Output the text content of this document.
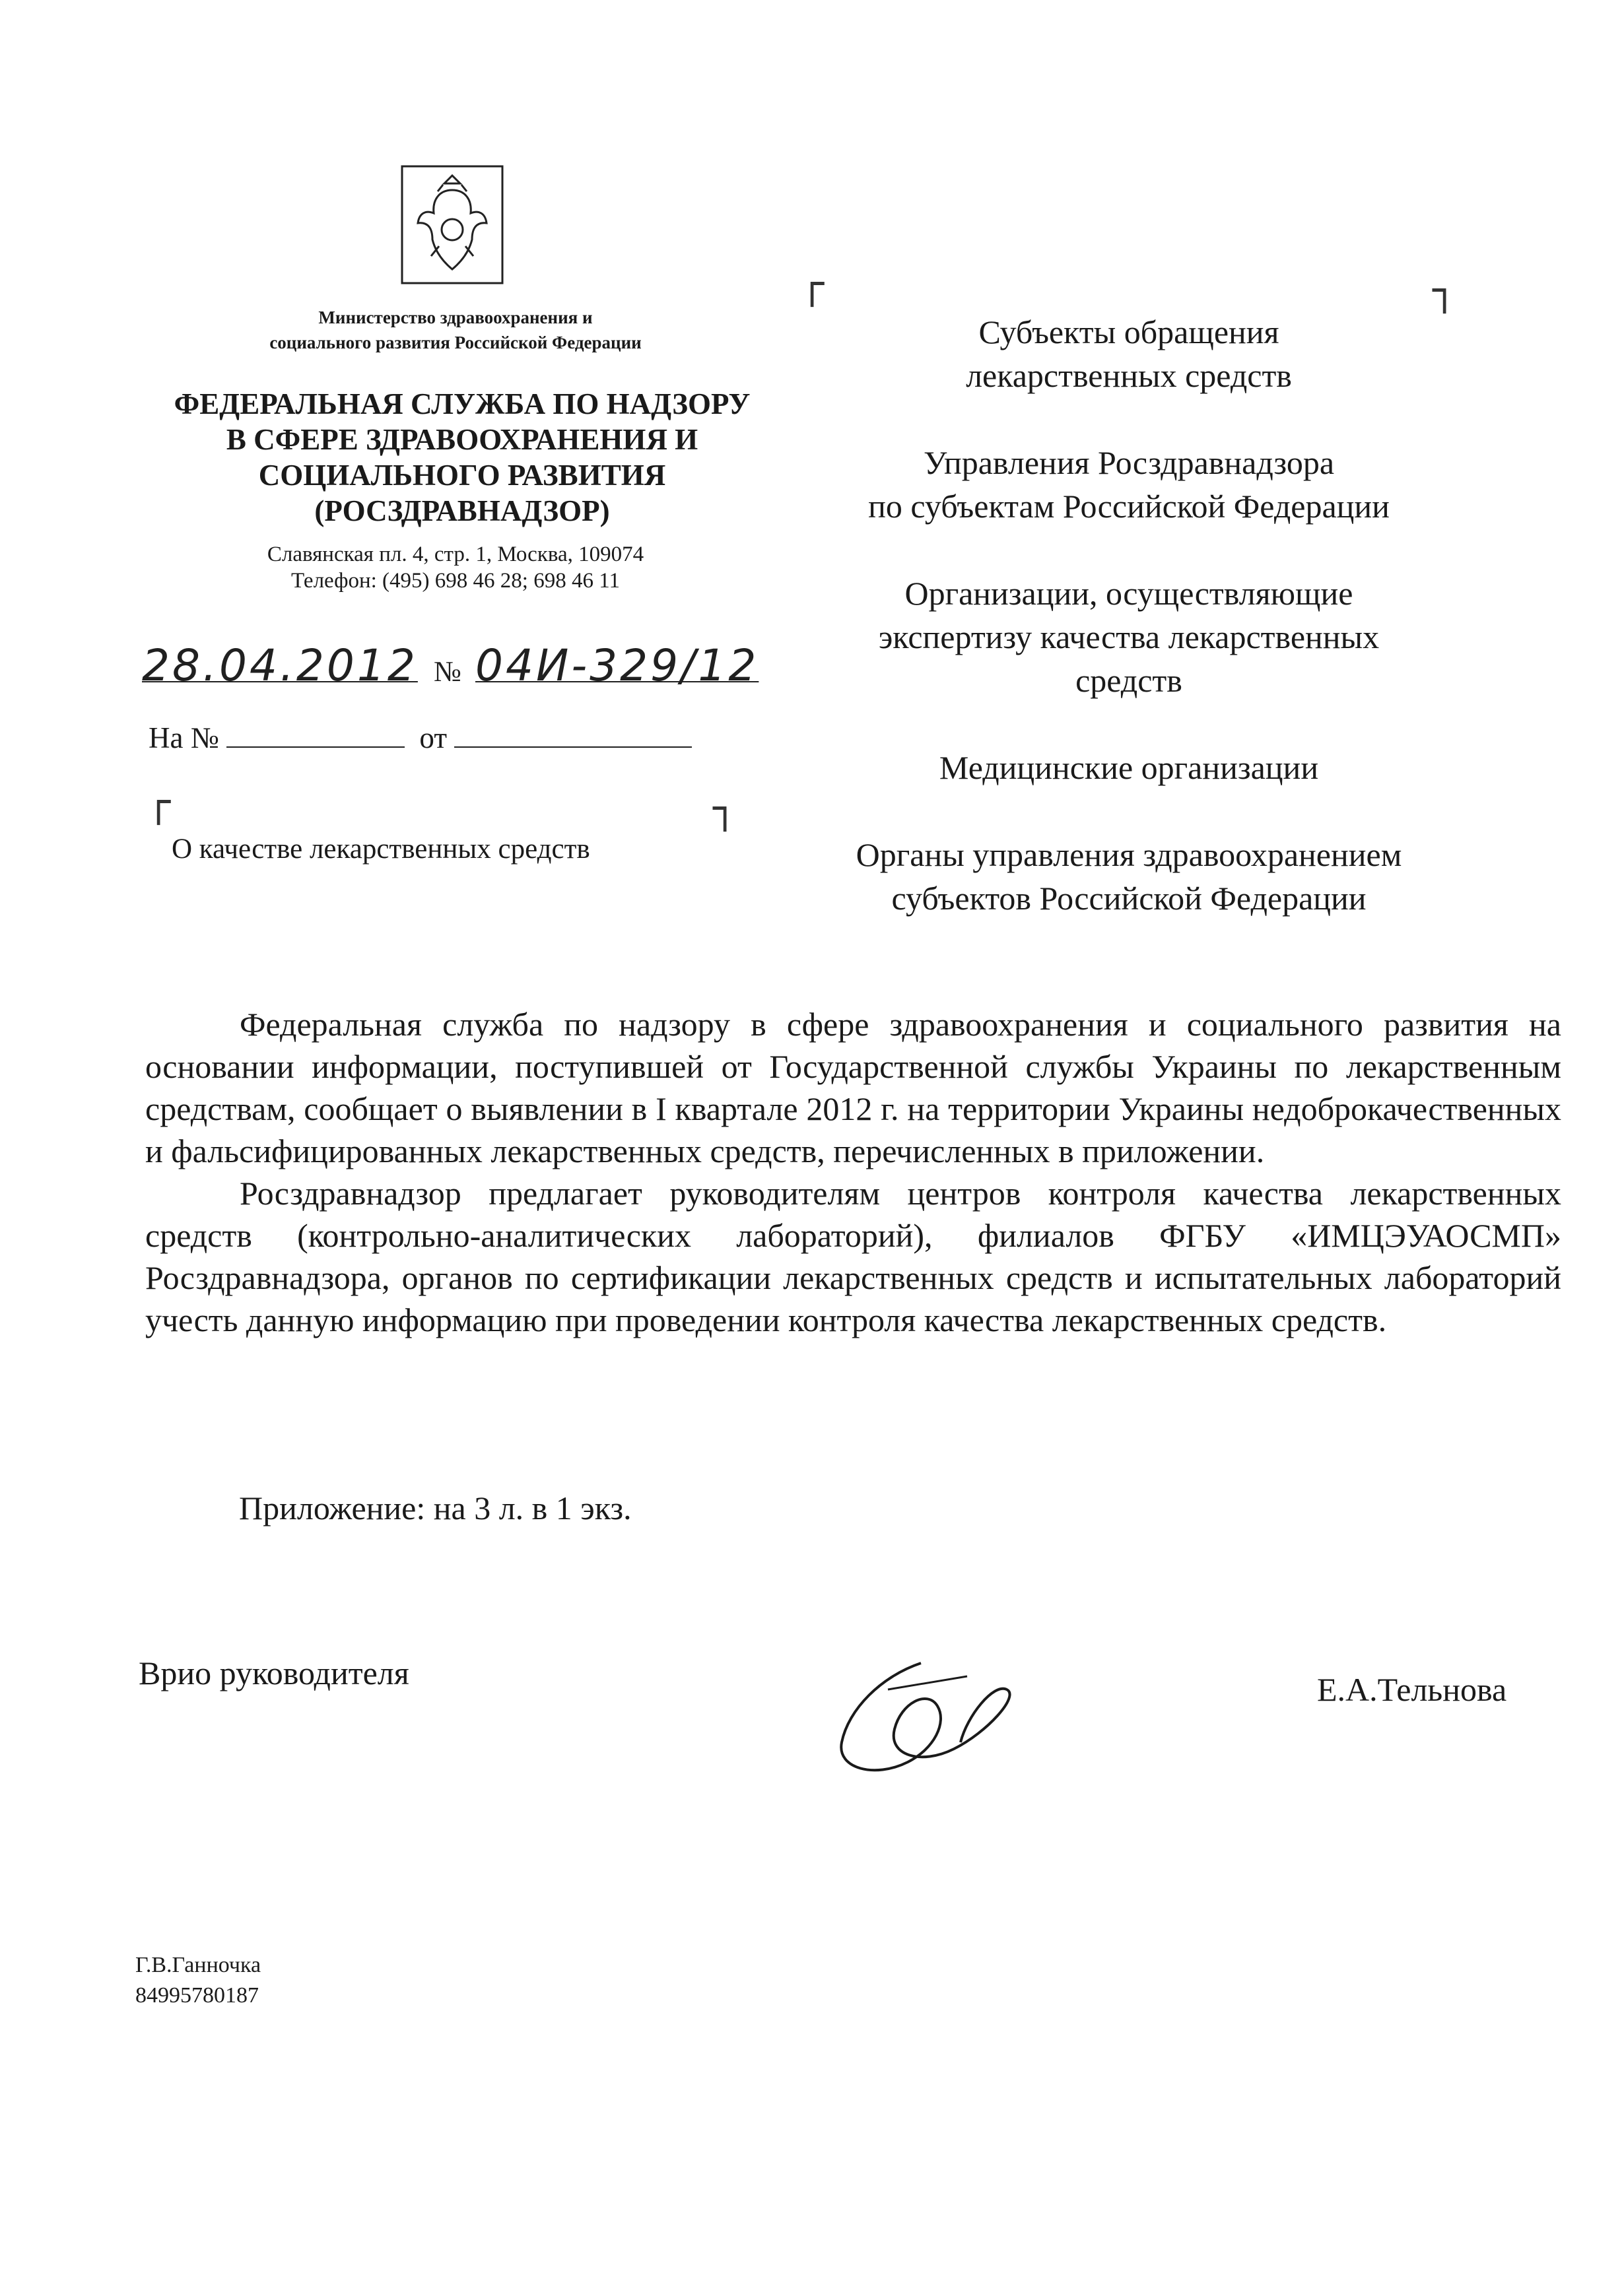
Министерство здравоохранения и
социального развития Российской Федерации
ФЕДЕРАЛЬНАЯ СЛУЖБА ПО НАДЗОРУ
В СФЕРЕ ЗДРАВООХРАНЕНИЯ И
СОЦИАЛЬНОГО РАЗВИТИЯ
(РОСЗДРАВНАДЗОР)
Славянская пл. 4, стр. 1, Москва, 109074
Телефон: (495) 698 46 28; 698 46 11
28.04.2012 № 04И-329/12
На №	от
┌	┐
┌	┐
О качестве лекарственных средств
Субъекты обращения
лекарственных средств
Управления Росздравнадзора
по субъектам Российской Федерации
Организации, осуществляющие
экспертизу качества лекарственных
средств
Медицинские организации
Органы управления здравоохранением
субъектов Российской Федерации

Федеральная служба по надзору в сфере здравоохранения и социального развития на основании информации, поступившей от Государственной службы Украины по лекарственным средствам, сообщает о выявлении в I квартале 2012 г. на территории Украины недоброкачественных и фальсифицированных лекарственных средств, перечисленных в приложении.

Росздравнадзор предлагает руководителям центров контроля качества лекарственных средств (контрольно-аналитических лабораторий), филиалов ФГБУ «ИМЦЭУАОСМП» Росздравнадзора, органов по сертификации лекарственных средств и испытательных лабораторий учесть данную информацию при проведении контроля качества лекарственных средств.

Приложение: на 3 л. в 1 экз.
Врио руководителя	Е.А.Тельнова
Г.В.Ганночка
84995780187
